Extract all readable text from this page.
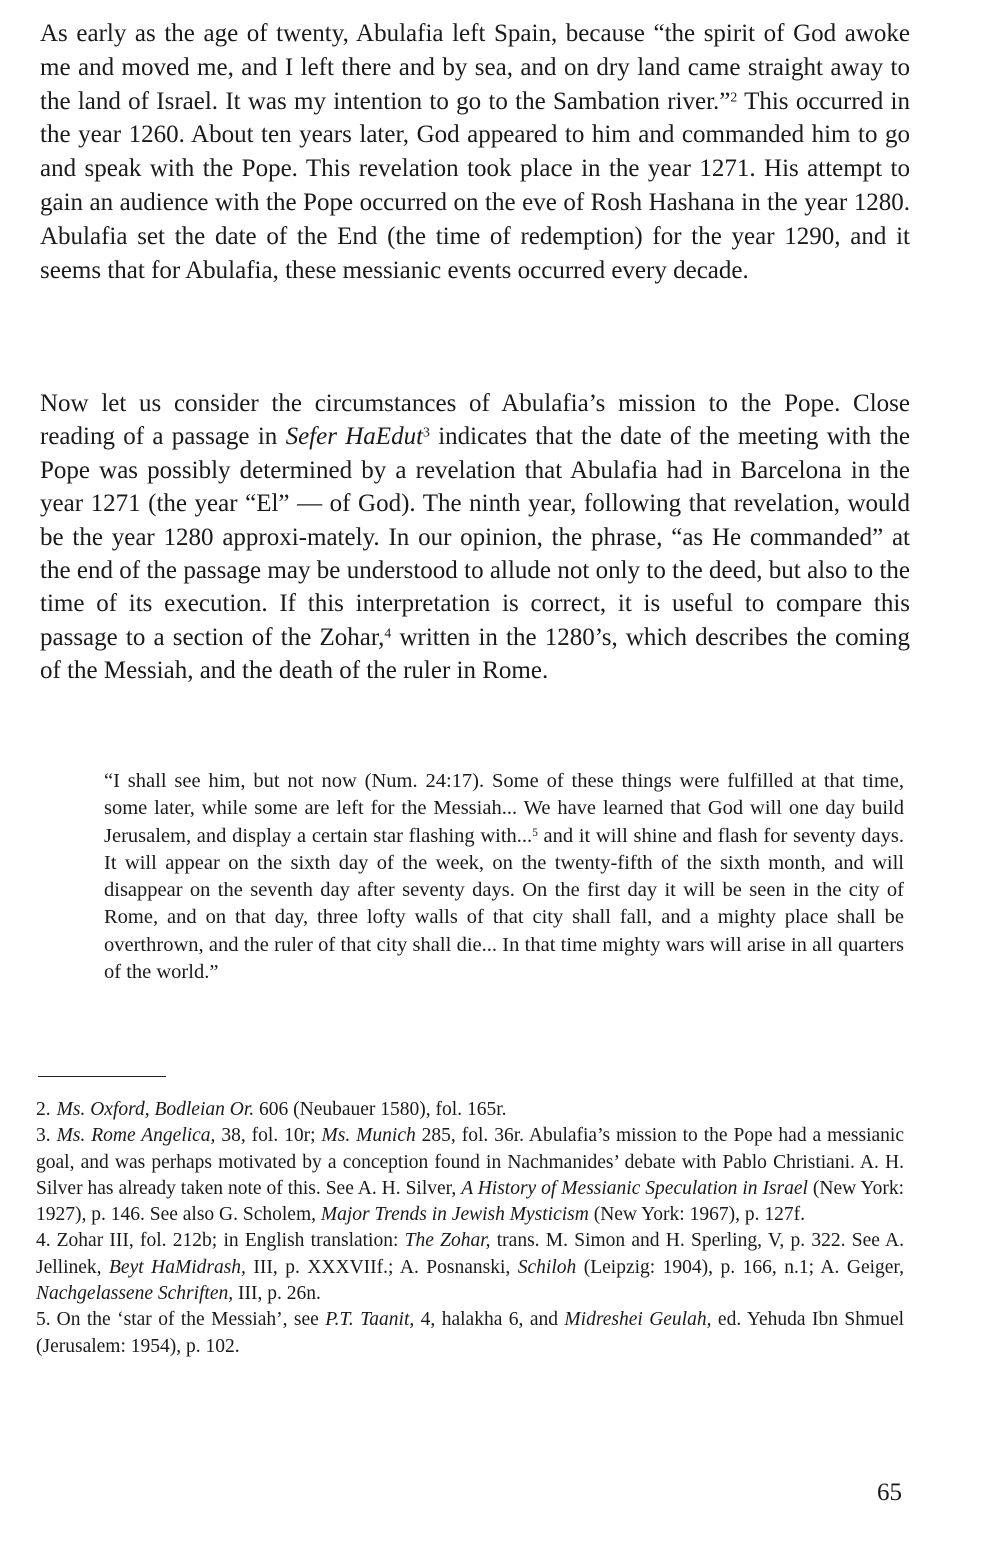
As early as the age of twenty, Abulafia left Spain, because “the spirit of God awoke me and moved me, and I left there and by sea, and on dry land came straight away to the land of Israel. It was my intention to go to the Sambation river.”$^2$ This occurred in the year 1260. About ten years later, God appeared to him and commanded him to go and speak with the Pope. This revelation took place in the year 1271. His attempt to gain an audience with the Pope occurred on the eve of Rosh Hashana in the year 1280. Abulafia set the date of the End (the time of redemption) for the year 1290, and it seems that for Abulafia, these messianic events occurred every decade.

Now let us consider the circumstances of Abulafia’s mission to the Pope. Close reading of a passage in Sefer HaEdut$^3$ indicates that the date of the meeting with the Pope was possibly determined by a revelation that Abulafia had in Barcelona in the year 1271 (the year “El” — of God). The ninth year, following that revelation, would be the year 1280 approxi-mately. In our opinion, the phrase, “as He commanded” at the end of the passage may be understood to allude not only to the deed, but also to the time of its execution. If this interpretation is correct, it is useful to compare this passage to a section of the Zohar,$^4$ written in the 1280’s, which describes the coming of the Messiah, and the death of the ruler in Rome.

“I shall see him, but not now (Num. 24:17). Some of these things were fulfilled at that time, some later, while some are left for the Messiah... We have learned that God will one day build Jerusalem, and display a certain star flashing with...$^5$ and it will shine and flash for seventy days. It will appear on the sixth day of the week, on the twenty-fifth of the sixth month, and will disappear on the seventh day after seventy days. On the first day it will be seen in the city of Rome, and on that day, three lofty walls of that city shall fall, and a mighty place shall be overthrown, and the ruler of that city shall die... In that time mighty wars will arise in all quarters of the world.”

2. Ms. Oxford, Bodleian Or. 606 (Neubauer 1580), fol. 165r.
3. Ms. Rome Angelica, 38, fol. 10r; Ms. Munich 285, fol. 36r. Abulafia’s mission to the Pope had a messianic goal, and was perhaps motivated by a conception found in Nachmanides’ debate with Pablo Christiani. A. H. Silver has already taken note of this. See A. H. Silver, A History of Messianic Speculation in Israel (New York: 1927), p. 146. See also G. Scholem, Major Trends in Jewish Mysticism (New York: 1967), p. 127f.
4. Zohar III, fol. 212b; in English translation: The Zohar, trans. M. Simon and H. Sperling, V, p. 322. See A. Jellinek, Beyt HaMidrash, III, p. XXXVIIf.; A. Posnanski, Schiloh (Leipzig: 1904), p. 166, n.1; A. Geiger, Nachgelassene Schriften, III, p. 26n.
5. On the ‘star of the Messiah’, see P.T. Taanit, 4, halakha 6, and Midreshei Geulah, ed. Yehuda Ibn Shmuel (Jerusalem: 1954), p. 102.
65
